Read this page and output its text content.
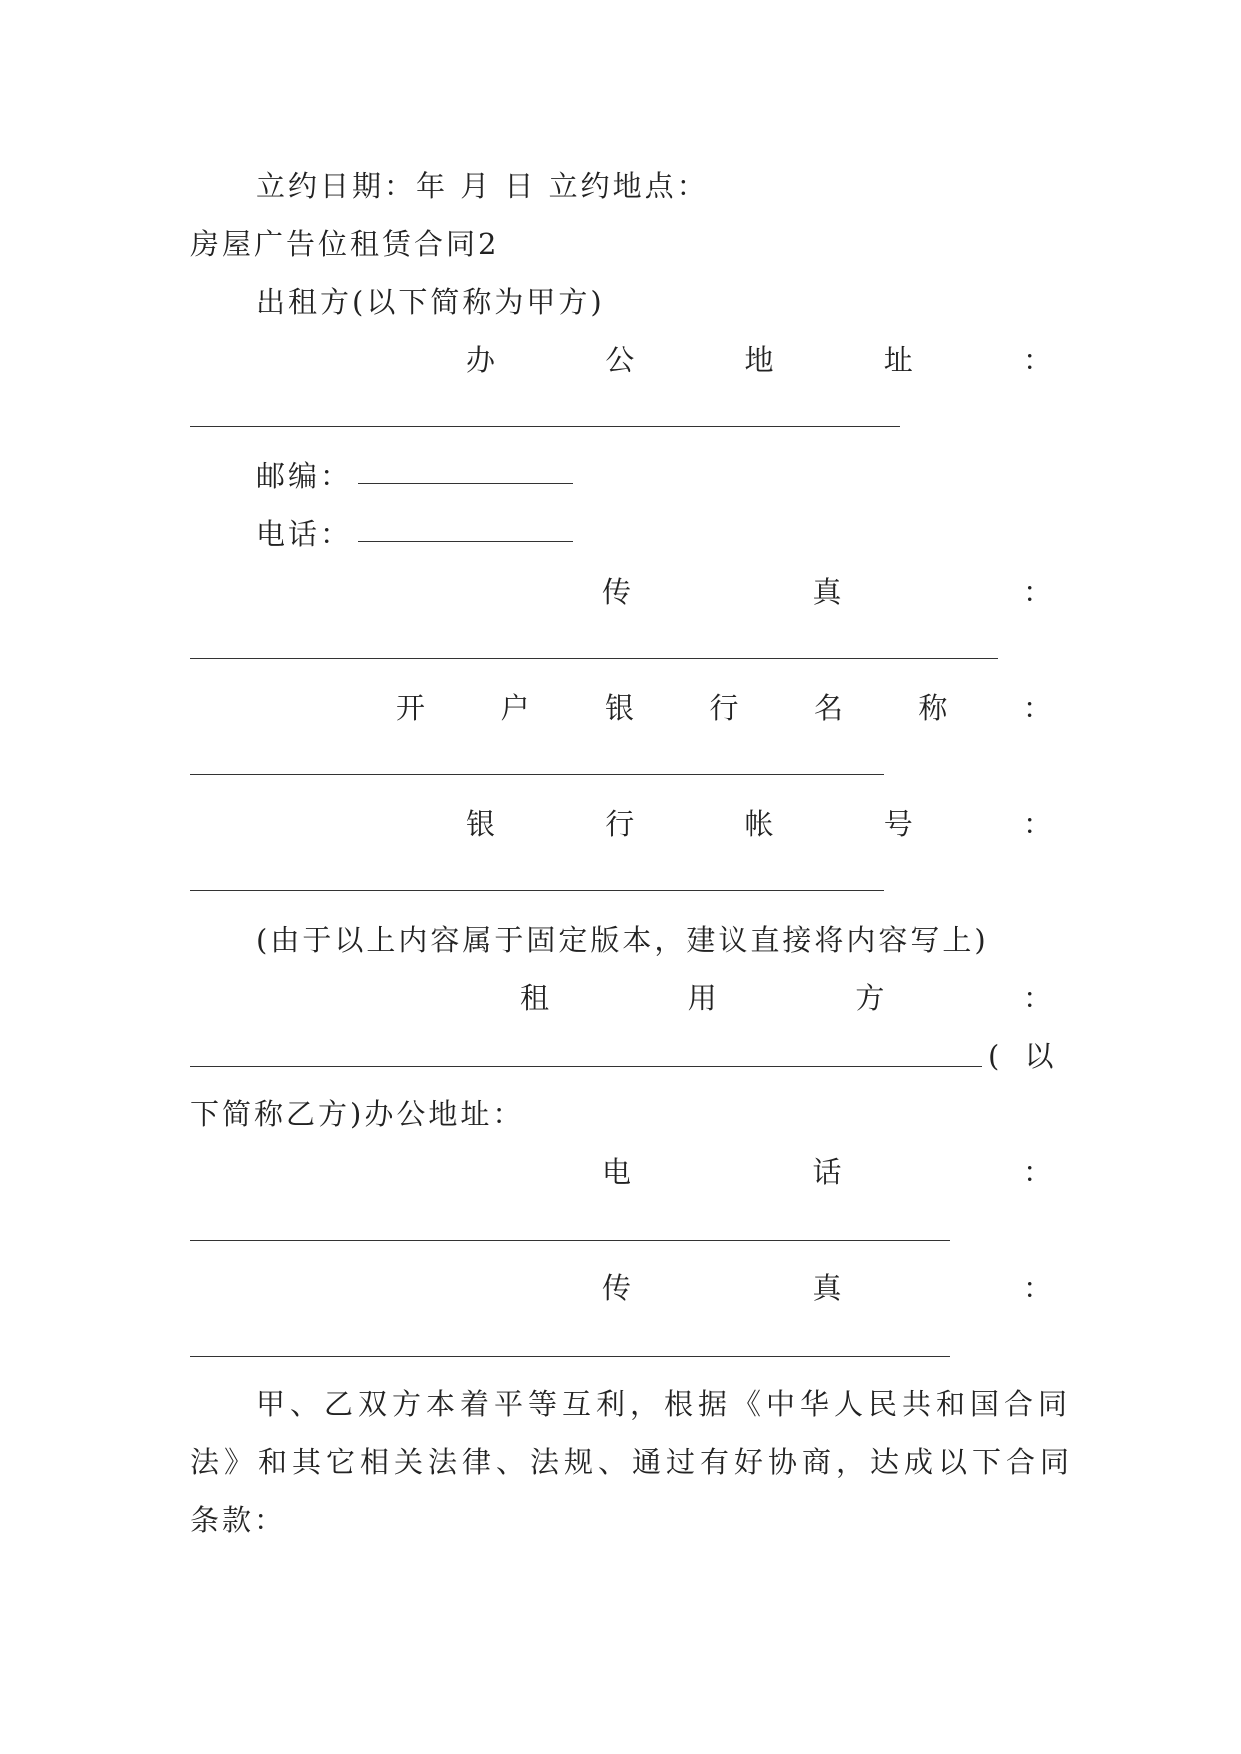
立约日期：年 月 日 立约地点：
房屋广告位租赁合同2
出租方(以下简称为甲方)
办	公	地	址	：
邮编：
电话：
传	真	：
开	户	银	行	名	称	：
银	行	帐	号	：
(由于以上内容属于固定版本，建议直接将内容写上)
租	用	方	：
( 以
下简称乙方)办公地址：
电	话	：
传	真	：
甲、乙双方本着平等互利，根据《中华人民共和国合同
法》和其它相关法律、法规、通过有好协商，达成以下合同
条款：
